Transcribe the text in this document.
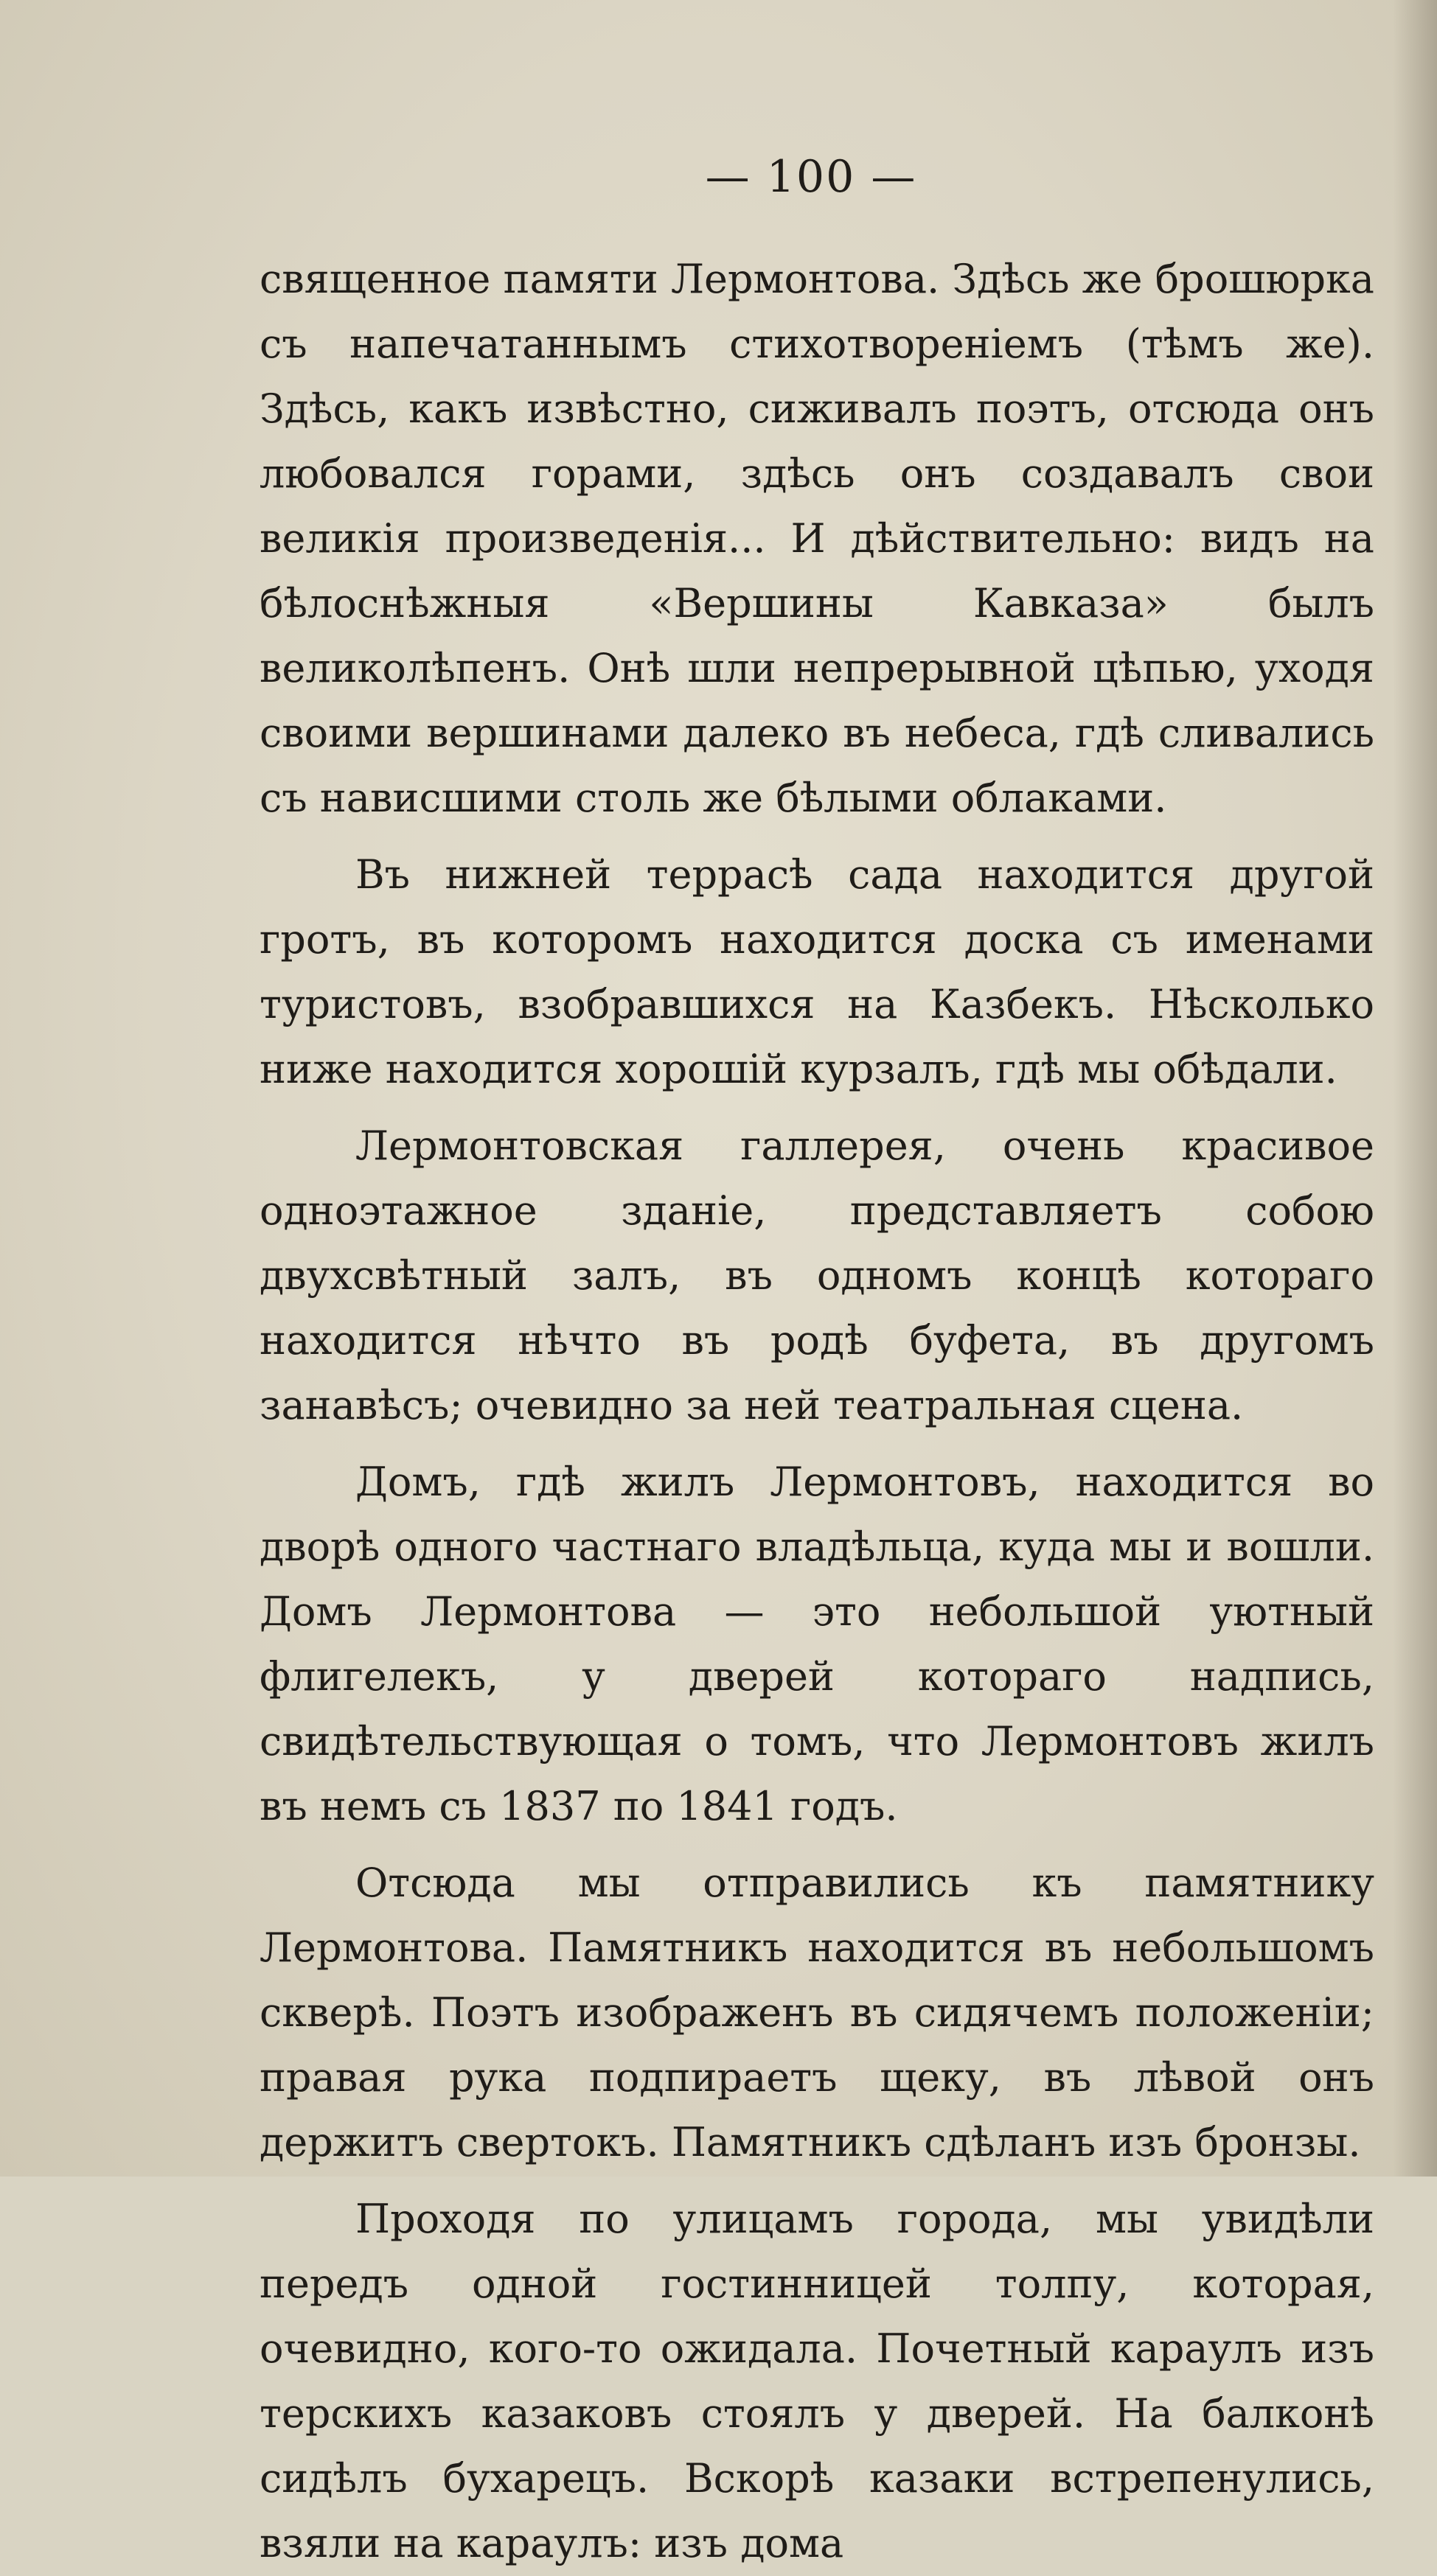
— 100 —

священное памяти Лермонтова. Здѣсь же брошюрка съ напечатаннымъ стихотвореніемъ (тѣмъ же). Здѣсь, какъ извѣстно, сиживалъ поэтъ, отсюда онъ любовался горами, здѣсь онъ создавалъ свои великія произведенія... И дѣйствительно: видъ на бѣлоснѣжныя «Вершины Кавказа» былъ великолѣпенъ. Онѣ шли непрерывной цѣпью, уходя своими вершинами далеко въ небеса, гдѣ сливались съ нависшими столь же бѣлыми облаками.

Въ нижней террасѣ сада находится другой гротъ, въ которомъ находится доска съ именами туристовъ, взобравшихся на Казбекъ. Нѣсколько ниже находится хорошій курзалъ, гдѣ мы обѣдали.

Лермонтовская галлерея, очень красивое одноэтажное зданіе, представляетъ собою двухсвѣтный залъ, въ одномъ концѣ котораго находится нѣчто въ родѣ буфета, въ другомъ занавѣсъ; очевидно за ней театральная сцена.

Домъ, гдѣ жилъ Лермонтовъ, находится во дворѣ одного частнаго владѣльца, куда мы и вошли. Домъ Лермонтова — это небольшой уютный флигелекъ, у дверей котораго надпись, свидѣтельствующая о томъ, что Лермонтовъ жилъ въ немъ съ 1837 по 1841 годъ.

Отсюда мы отправились къ памятнику Лермонтова. Памятникъ находится въ небольшомъ скверѣ. Поэтъ изображенъ въ сидячемъ положеніи; правая рука подпираетъ щеку, въ лѣвой онъ держитъ свертокъ. Памятникъ сдѣланъ изъ бронзы.

Проходя по улицамъ города, мы увидѣли передъ одной гостинницей толпу, которая, очевидно, кого-то ожидала. Почетный караулъ изъ терскихъ казаковъ стоялъ у дверей. На балконѣ сидѣлъ бухарецъ. Вскорѣ казаки встрепенулись, взяли на караулъ: изъ дома
